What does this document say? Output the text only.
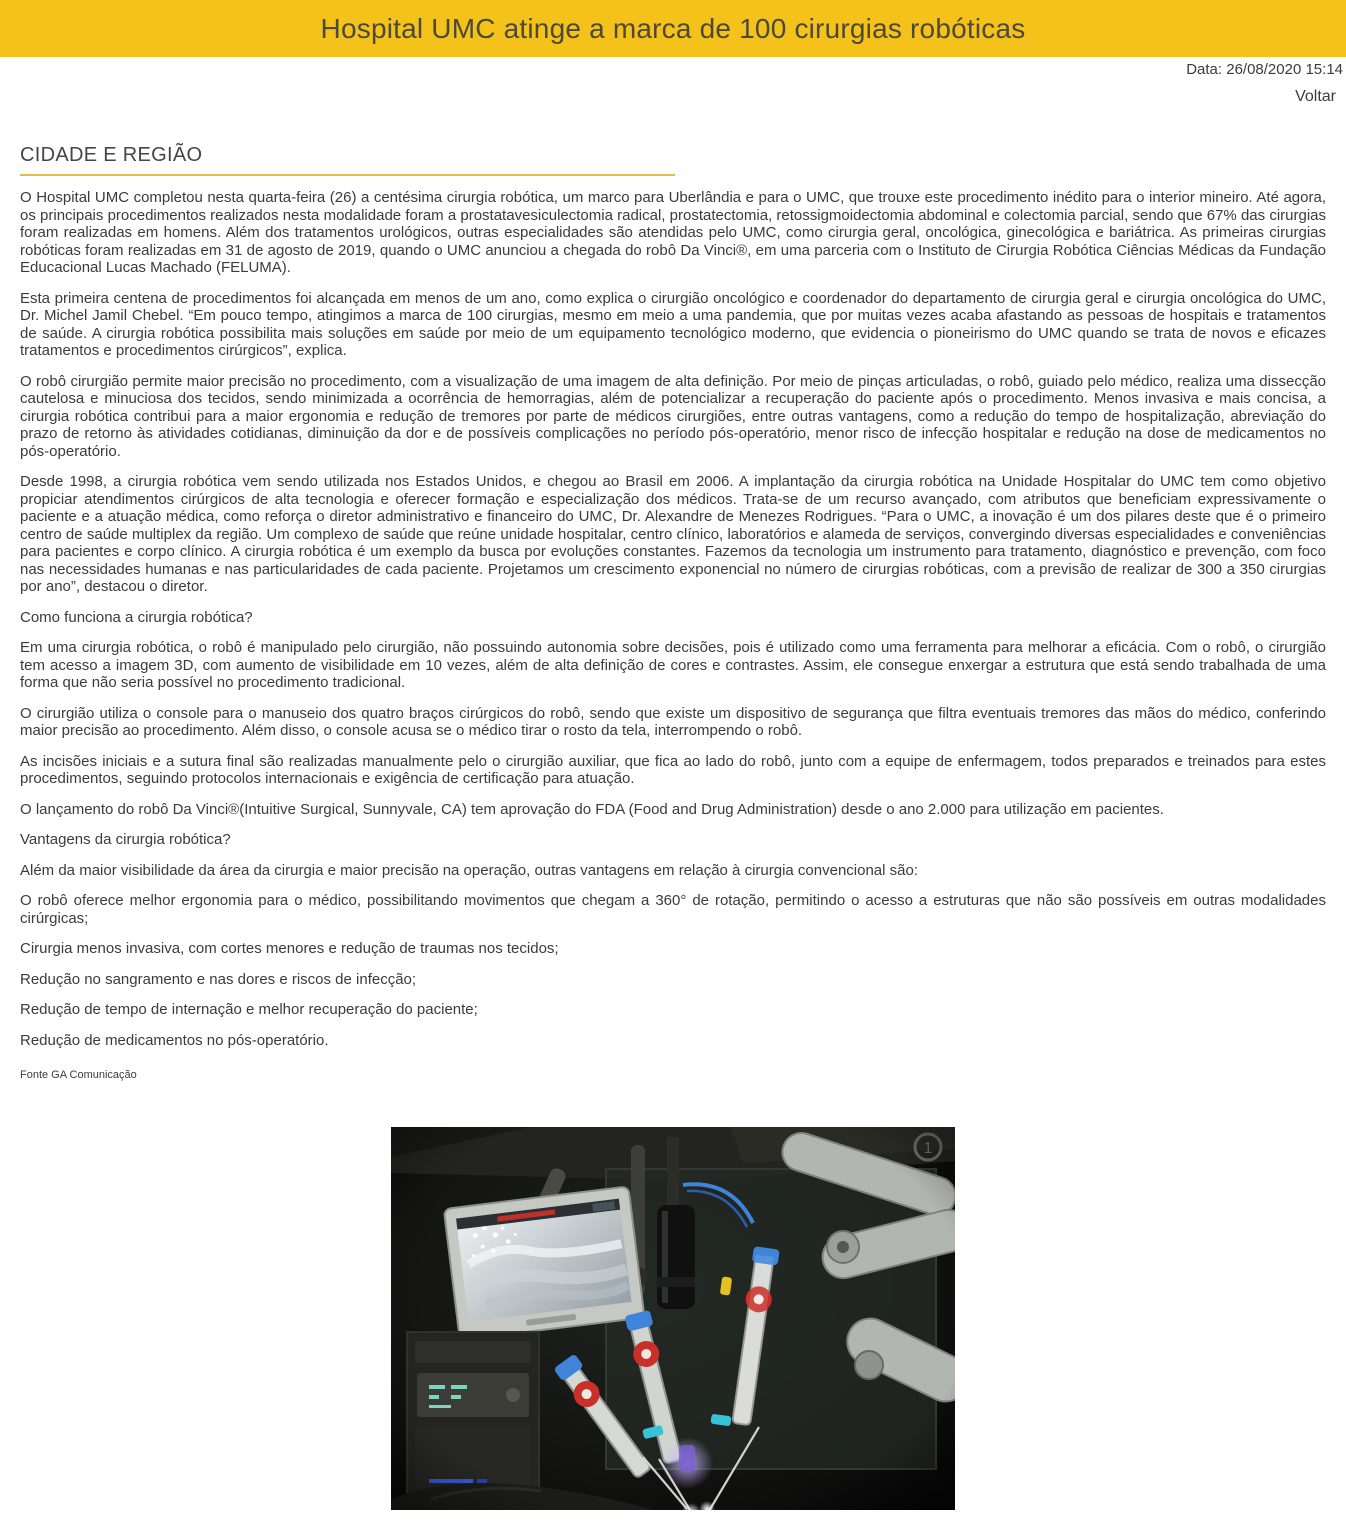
Hospital UMC atinge a marca de 100 cirurgias robóticas
Data: 26/08/2020 15:14
Voltar
CIDADE E REGIÃO

O Hospital UMC completou nesta quarta-feira (26) a centésima cirurgia robótica, um marco para Uberlândia e para o UMC, que trouxe este procedimento inédito para o interior mineiro. Até agora, os principais procedimentos realizados nesta modalidade foram a prostatavesiculectomia radical, prostatectomia, retossigmoidectomia abdominal e colectomia parcial, sendo que 67% das cirurgias foram realizadas em homens. Além dos tratamentos urológicos, outras especialidades são atendidas pelo UMC, como cirurgia geral, oncológica, ginecológica e bariátrica. As primeiras cirurgias robóticas foram realizadas em 31 de agosto de 2019, quando o UMC anunciou a chegada do robô Da Vinci®, em uma parceria com o Instituto de Cirurgia Robótica Ciências Médicas da Fundação Educacional Lucas Machado (FELUMA).

Esta primeira centena de procedimentos foi alcançada em menos de um ano, como explica o cirurgião oncológico e coordenador do departamento de cirurgia geral e cirurgia oncológica do UMC, Dr. Michel Jamil Chebel. “Em pouco tempo, atingimos a marca de 100 cirurgias, mesmo em meio a uma pandemia, que por muitas vezes acaba afastando as pessoas de hospitais e tratamentos de saúde. A cirurgia robótica possibilita mais soluções em saúde por meio de um equipamento tecnológico moderno, que evidencia o pioneirismo do UMC quando se trata de novos e eficazes tratamentos e procedimentos cirúrgicos”, explica.

O robô cirurgião permite maior precisão no procedimento, com a visualização de uma imagem de alta definição. Por meio de pinças articuladas, o robô, guiado pelo médico, realiza uma dissecção cautelosa e minuciosa dos tecidos, sendo minimizada a ocorrência de hemorragias, além de potencializar a recuperação do paciente após o procedimento. Menos invasiva e mais concisa, a cirurgia robótica contribui para a maior ergonomia e redução de tremores por parte de médicos cirurgiões, entre outras vantagens, como a redução do tempo de hospitalização, abreviação do prazo de retorno às atividades cotidianas, diminuição da dor e de possíveis complicações no período pós-operatório, menor risco de infecção hospitalar e redução na dose de medicamentos no pós-operatório.

Desde 1998, a cirurgia robótica vem sendo utilizada nos Estados Unidos, e chegou ao Brasil em 2006. A implantação da cirurgia robótica na Unidade Hospitalar do UMC tem como objetivo propiciar atendimentos cirúrgicos de alta tecnologia e oferecer formação e especialização dos médicos. Trata-se de um recurso avançado, com atributos que beneficiam expressivamente o paciente e a atuação médica, como reforça o diretor administrativo e financeiro do UMC, Dr. Alexandre de Menezes Rodrigues. “Para o UMC, a inovação é um dos pilares deste que é o primeiro centro de saúde multiplex da região. Um complexo de saúde que reúne unidade hospitalar, centro clínico, laboratórios e alameda de serviços, convergindo diversas especialidades e conveniências para pacientes e corpo clínico. A cirurgia robótica é um exemplo da busca por evoluções constantes. Fazemos da tecnologia um instrumento para tratamento, diagnóstico e prevenção, com foco nas necessidades humanas e nas particularidades de cada paciente. Projetamos um crescimento exponencial no número de cirurgias robóticas, com a previsão de realizar de 300 a 350 cirurgias por ano”, destacou o diretor.

Como funciona a cirurgia robótica?

Em uma cirurgia robótica, o robô é manipulado pelo cirurgião, não possuindo autonomia sobre decisões, pois é utilizado como uma ferramenta para melhorar a eficácia. Com o robô, o cirurgião tem acesso a imagem 3D, com aumento de visibilidade em 10 vezes, além de alta definição de cores e contrastes. Assim, ele consegue enxergar a estrutura que está sendo trabalhada de uma forma que não seria possível no procedimento tradicional.

O cirurgião utiliza o console para o manuseio dos quatro braços cirúrgicos do robô, sendo que existe um dispositivo de segurança que filtra eventuais tremores das mãos do médico, conferindo maior precisão ao procedimento. Além disso, o console acusa se o médico tirar o rosto da tela, interrompendo o robô.

As incisões iniciais e a sutura final são realizadas manualmente pelo o cirurgião auxiliar, que fica ao lado do robô, junto com a equipe de enfermagem, todos preparados e treinados para estes procedimentos, seguindo protocolos internacionais e exigência de certificação para atuação.

O lançamento do robô Da Vinci®(Intuitive Surgical, Sunnyvale, CA) tem aprovação do FDA (Food and Drug Administration) desde o ano 2.000 para utilização em pacientes.

Vantagens da cirurgia robótica?

Além da maior visibilidade da área da cirurgia e maior precisão na operação, outras vantagens em relação à cirurgia convencional são:

O robô oferece melhor ergonomia para o médico, possibilitando movimentos que chegam a 360° de rotação, permitindo o acesso a estruturas que não são possíveis em outras modalidades cirúrgicas;

Cirurgia menos invasiva, com cortes menores e redução de traumas nos tecidos;

Redução no sangramento e nas dores e riscos de infecção;

Redução de tempo de internação e melhor recuperação do paciente;

Redução de medicamentos no pós-operatório.

Fonte GA Comunicação
